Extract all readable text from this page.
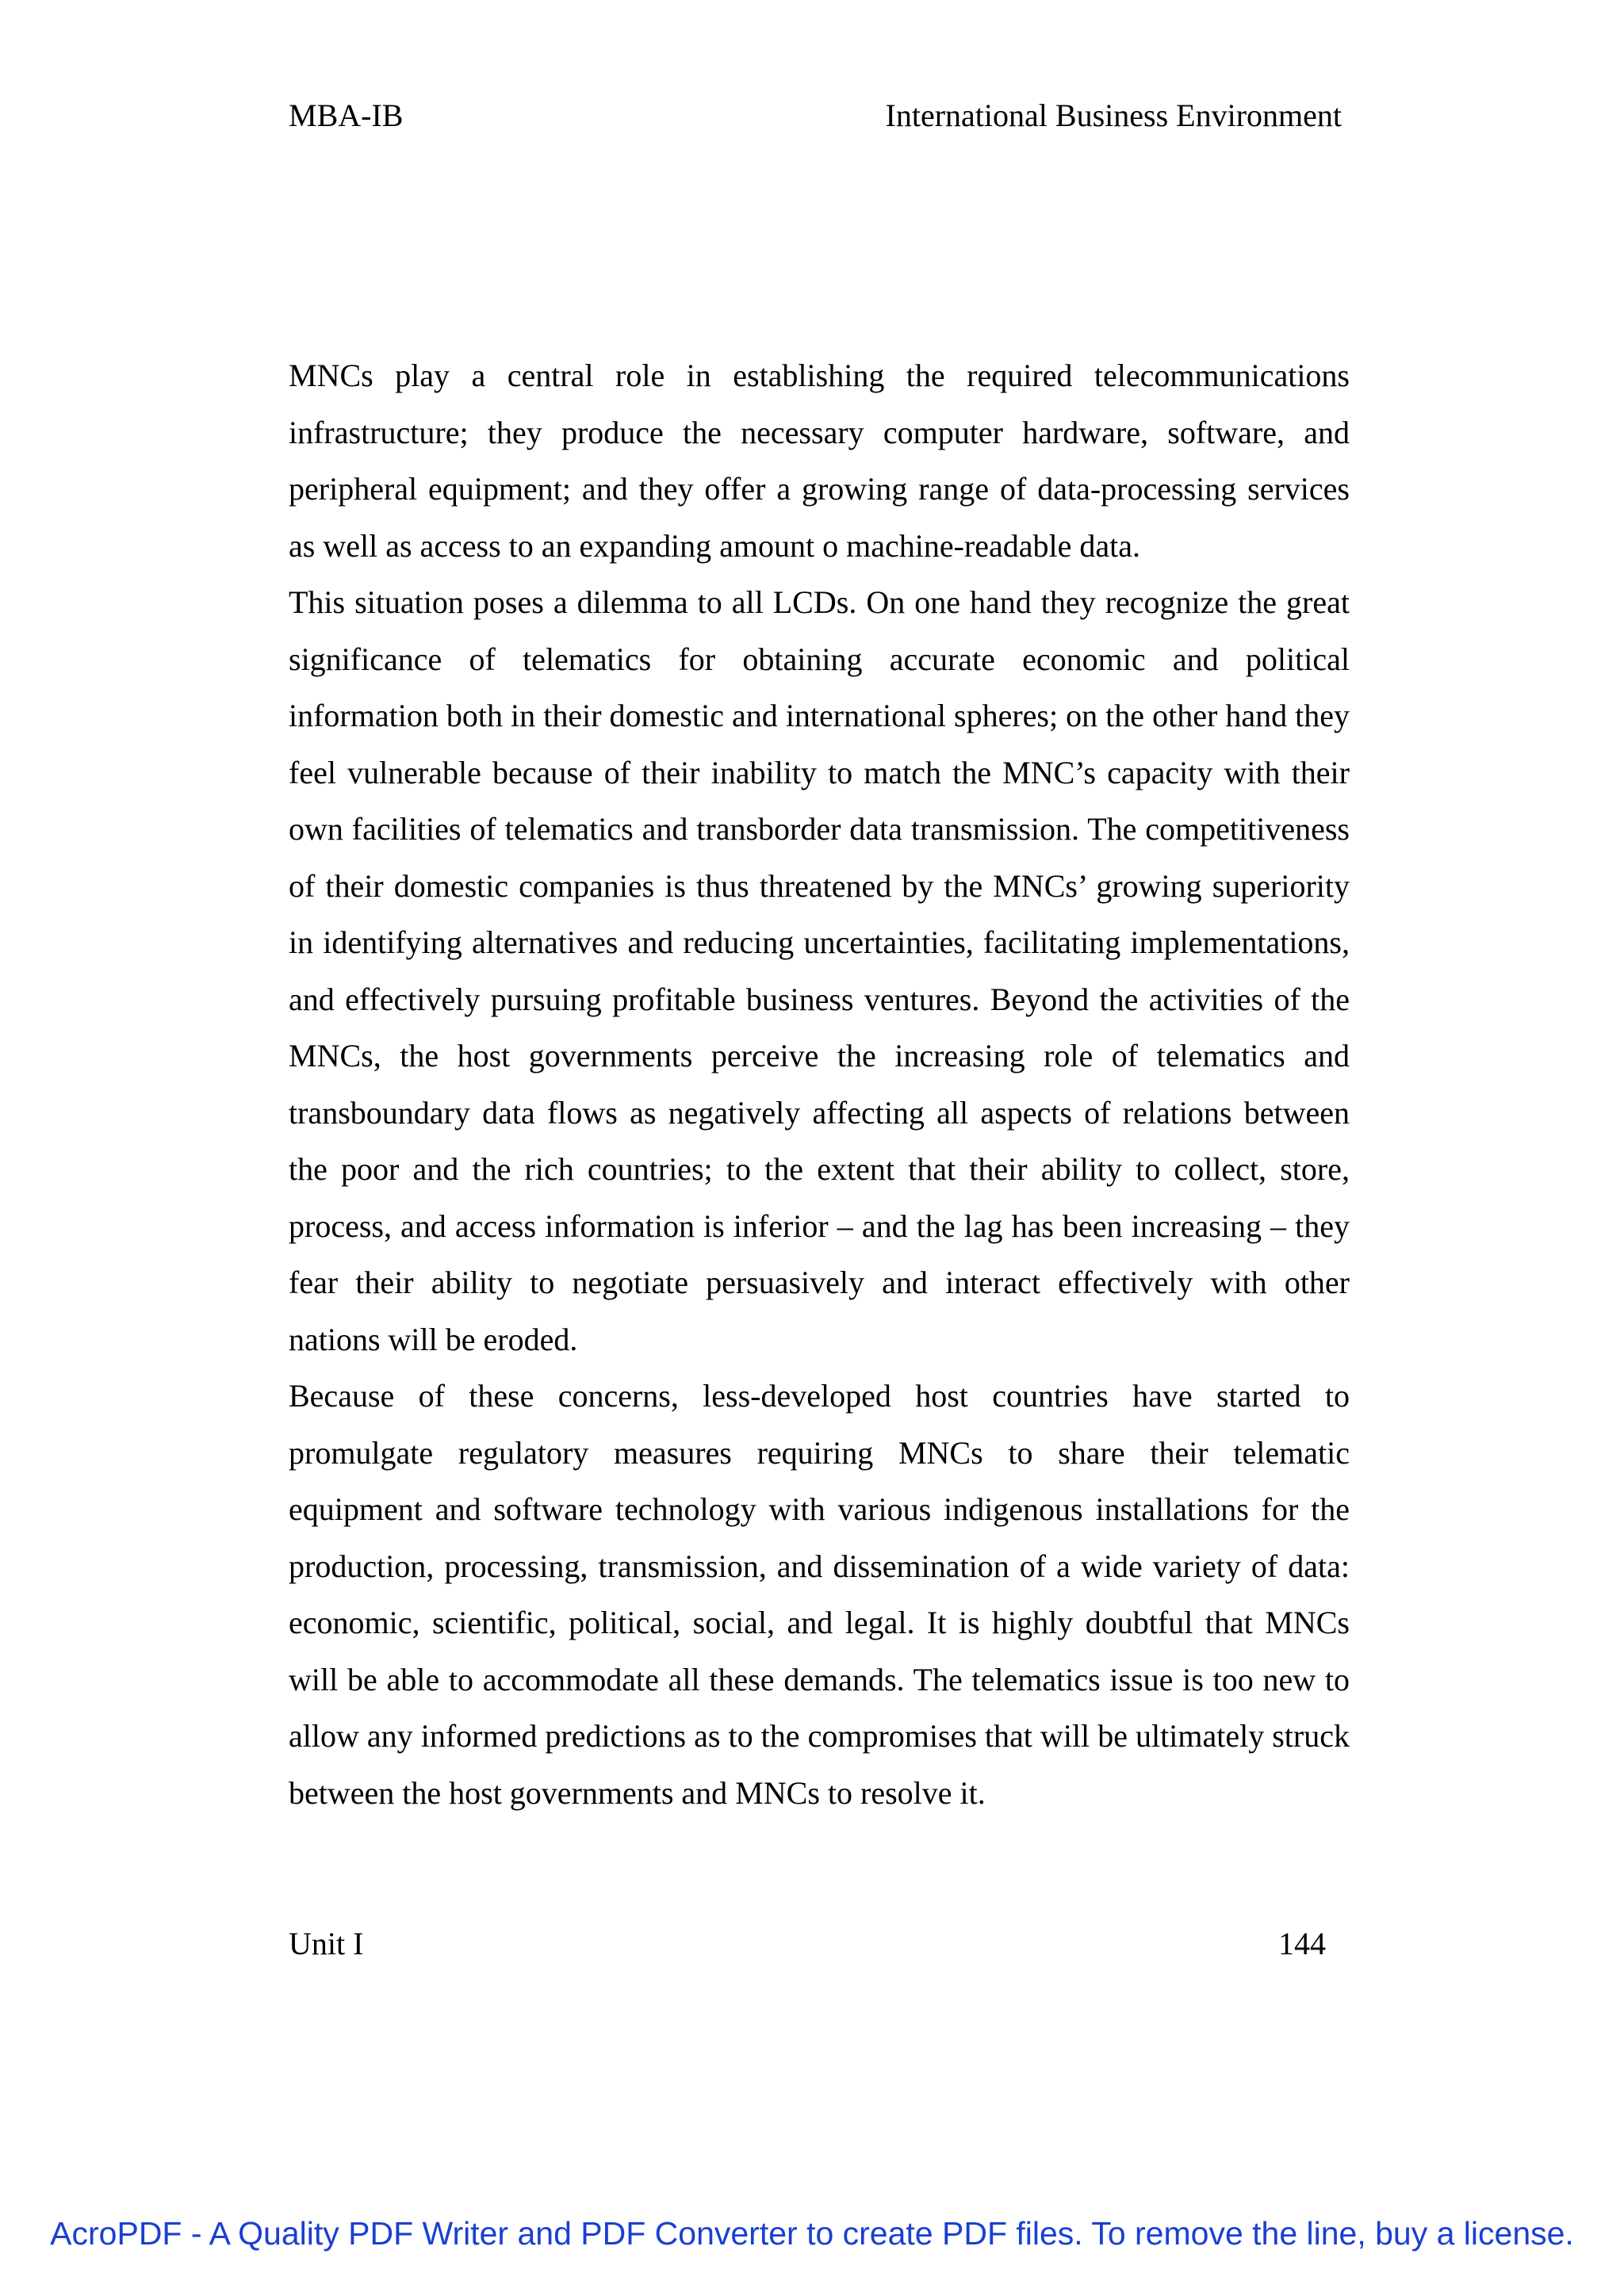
MBA-IB	International Business Environment

MNCs play a central role in establishing the required telecommunications infrastructure; they produce the necessary computer hardware, software, and peripheral equipment; and they offer a growing range of data-processing services as well as access to an expanding amount o machine-readable data.

This situation poses a dilemma to all LCDs. On one hand they recognize the great significance of telematics for obtaining accurate economic and political information both in their domestic and international spheres; on the other hand they feel vulnerable because of their inability to match the MNC’s capacity with their own facilities of telematics and transborder data transmission. The competitiveness of their domestic companies is thus threatened by the MNCs’ growing superiority in identifying alternatives and reducing uncertainties, facilitating implementations, and effectively pursuing profitable business ventures. Beyond the activities of the MNCs, the host governments perceive the increasing role of telematics and transboundary data flows as negatively affecting all aspects of relations between the poor and the rich countries; to the extent that their ability to collect, store, process, and access information is inferior – and the lag has been increasing – they fear their ability to negotiate persuasively and interact effectively with other nations will be eroded.

Because of these concerns, less-developed host countries have started to promulgate regulatory measures requiring MNCs to share their telematic equipment and software technology with various indigenous installations for the production, processing, transmission, and dissemination of a wide variety of data: economic, scientific, political, social, and legal. It is highly doubtful that MNCs will be able to accommodate all these demands. The telematics issue is too new to allow any informed predictions as to the compromises that will be ultimately struck between the host governments and MNCs to resolve it.

Unit I	144
AcroPDF - A Quality PDF Writer and PDF Converter to create PDF files. To remove the line, buy a license.
